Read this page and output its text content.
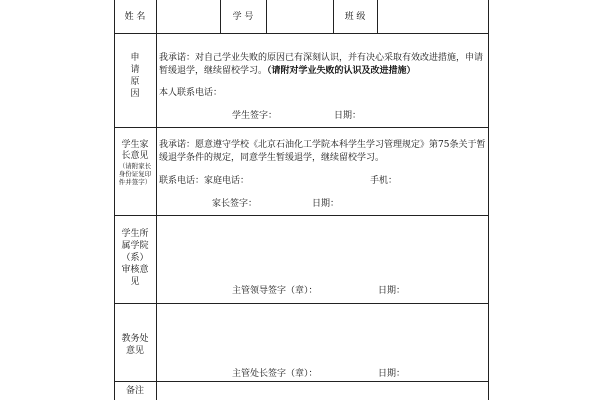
姓 名	学 号	班 级
申请原因
我承诺：对自己学业失败的原因已有深刻认识，并有决心采取有效改进措施，申请暂缓退学，继续留校学习。（请附对学业失败的认识及改进措施）
本人联系电话：
学生签字：	日期：
学生家长意见
（请附家长身份证复印件并签字）
我承诺：愿意遵守学校《北京石油化工学院本科学生学习管理规定》第75条关于暂缓退学条件的规定，同意学生暂缓退学，继续留校学习。
联系电话：家庭电话：	手机：
家长签字：	日期：
学生所属学院（系）审核意见
主管领导签字（章）：	日期：
教务处意见
主管处长签字（章）：	日期：
备注
